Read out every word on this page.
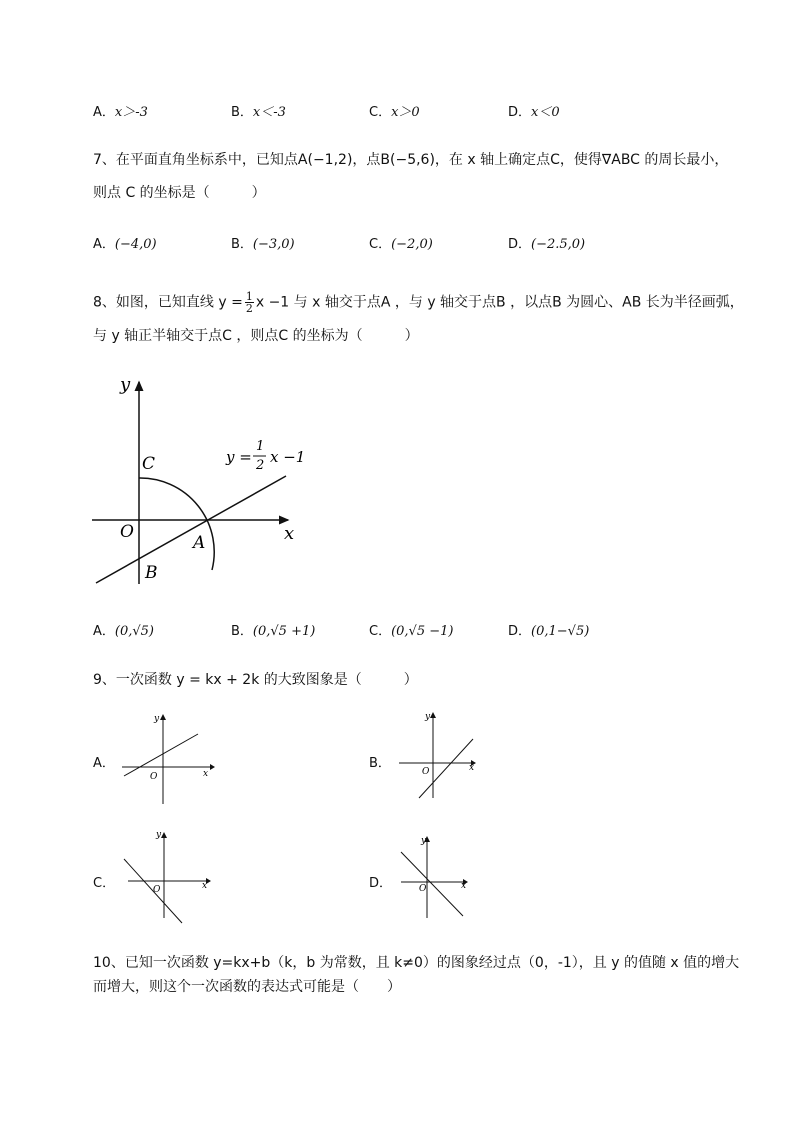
A．x＞-3	B．x＜-3	C．x＞0	D．x＜0
7、在平面直角坐标系中，已知点A(−1,2)，点B(−5,6)，在 x 轴上确定点C，使得∇ABC 的周长最小，
则点 C 的坐标是（　　　）
A．(−4,0)	B．(−3,0)	C．(−2,0)	D．(−2.5,0)
8、如图，已知直线 $y = \frac{1}{2}$ x −1 与 x 轴交于点A ，与 y 轴交于点B ，以点B 为圆心、AB 长为半径画弧，
与 y 轴正半轴交于点C ，则点C 的坐标为（　　　）
y
x
C
O
A
B
y =
1
2 x −1
A．(0,√5)	B．(0,√5 +1)	C．(0,√5 −1)	D．(0,1−√5)
9、一次函数 y = kx + 2k 的大致图象是（　　　）
A．
O	x
y
B．
O	x
y
C．	O	x
y
D．	O	x
y
10、已知一次函数 y=kx+b（k，b 为常数，且 k≠0）的图象经过点（0，-1），且 y 的值随 x 值的增大
而增大，则这个一次函数的表达式可能是（　　）
